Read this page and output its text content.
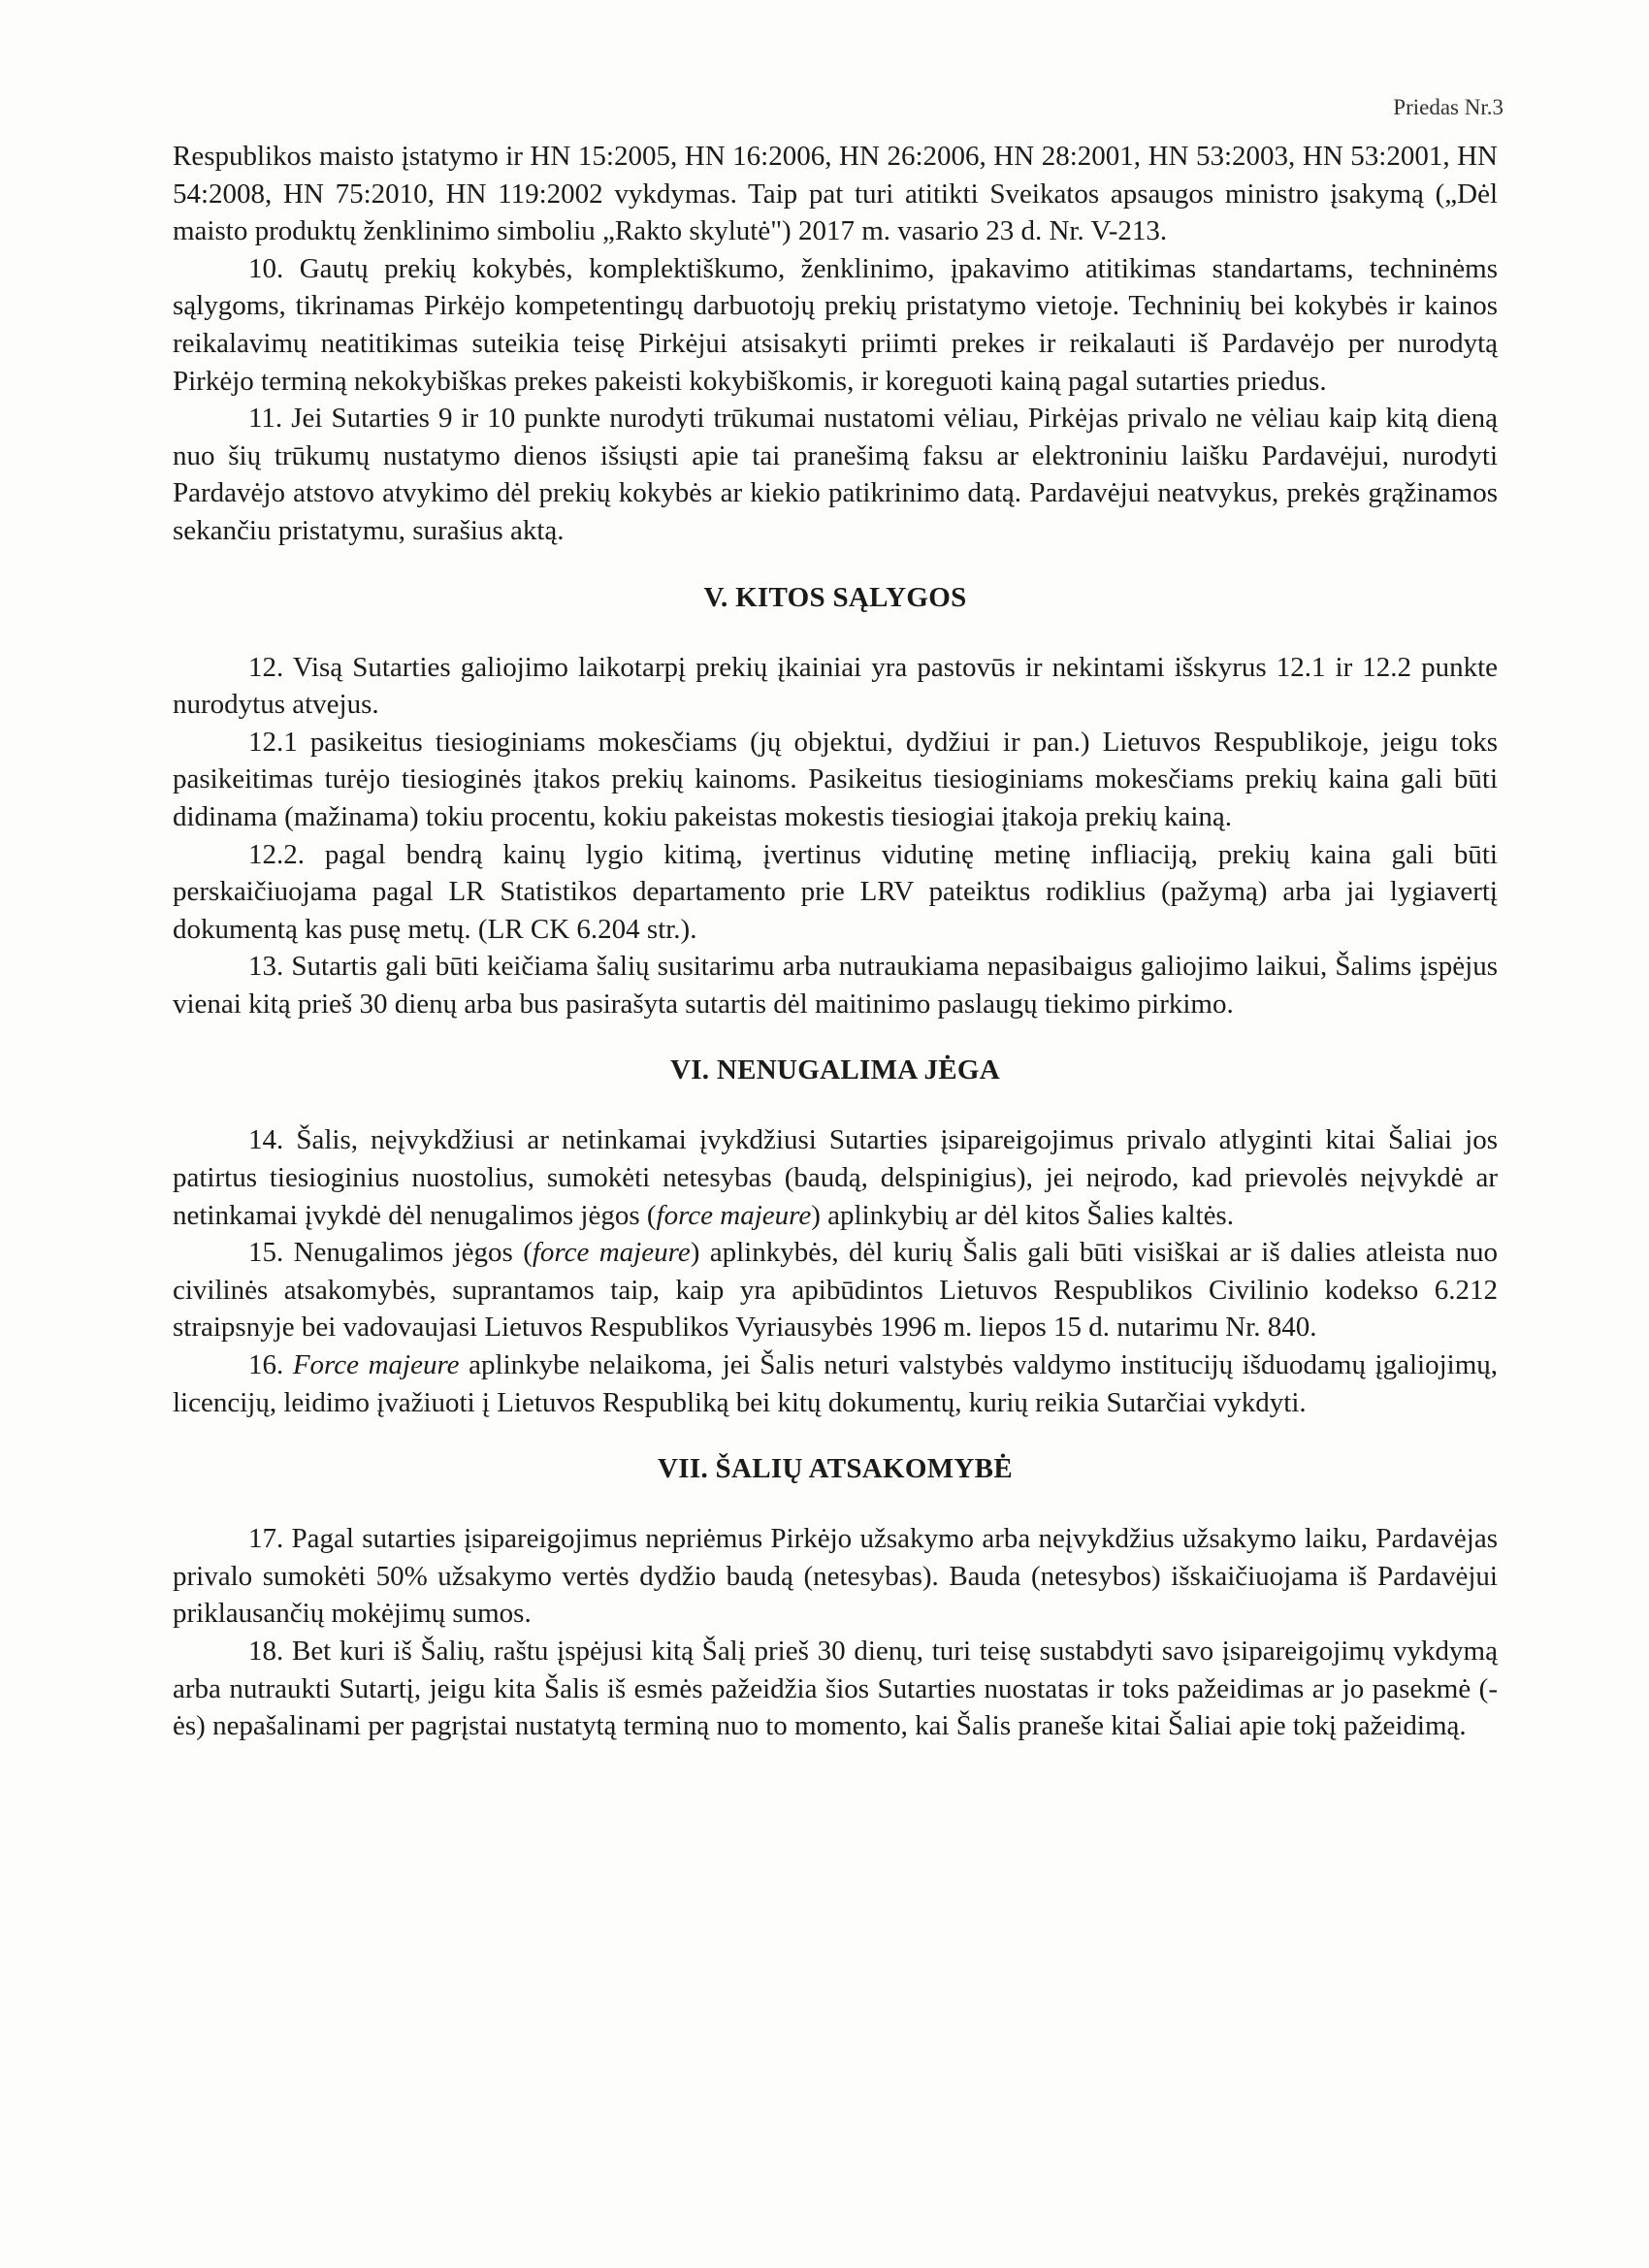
Priedas Nr.3

Respublikos maisto įstatymo ir HN 15:2005, HN 16:2006, HN 26:2006, HN 28:2001, HN 53:2003, HN 53:2001, HN 54:2008, HN 75:2010, HN 119:2002 vykdymas. Taip pat turi atitikti Sveikatos apsaugos ministro įsakymą („Dėl maisto produktų ženklinimo simboliu „Rakto skylutė") 2017 m. vasario 23 d. Nr. V-213.

10. Gautų prekių kokybės, komplektiškumo, ženklinimo, įpakavimo atitikimas standartams, techninėms sąlygoms, tikrinamas Pirkėjo kompetentingų darbuotojų prekių pristatymo vietoje. Techninių bei kokybės ir kainos reikalavimų neatitikimas suteikia teisę Pirkėjui atsisakyti priimti prekes ir reikalauti iš Pardavėjo per nurodytą Pirkėjo terminą nekokybiškas prekes pakeisti kokybiškomis, ir koreguoti kainą pagal sutarties priedus.

11. Jei Sutarties 9 ir 10 punkte nurodyti trūkumai nustatomi vėliau, Pirkėjas privalo ne vėliau kaip kitą dieną nuo šių trūkumų nustatymo dienos išsiųsti apie tai pranešimą faksu ar elektroniniu laišku Pardavėjui, nurodyti Pardavėjo atstovo atvykimo dėl prekių kokybės ar kiekio patikrinimo datą. Pardavėjui neatvykus, prekės grąžinamos sekančiu pristatymu, surašius aktą.

V. KITOS SĄLYGOS

12. Visą Sutarties galiojimo laikotarpį prekių įkainiai yra pastovūs ir nekintami išskyrus 12.1 ir 12.2 punkte nurodytus atvejus.

12.1 pasikeitus tiesioginiams mokesčiams (jų objektui, dydžiui ir pan.) Lietuvos Respublikoje, jeigu toks pasikeitimas turėjo tiesioginės įtakos prekių kainoms. Pasikeitus tiesioginiams mokesčiams prekių kaina gali būti didinama (mažinama) tokiu procentu, kokiu pakeistas mokestis tiesiogiai įtakoja prekių kainą.

12.2. pagal bendrą kainų lygio kitimą, įvertinus vidutinę metinę infliaciją, prekių kaina gali būti perskaičiuojama pagal LR Statistikos departamento prie LRV pateiktus rodiklius (pažymą) arba jai lygiavertį dokumentą kas pusę metų. (LR CK 6.204 str.).

13. Sutartis gali būti keičiama šalių susitarimu arba nutraukiama nepasibaigus galiojimo laikui, Šalims įspėjus vienai kitą prieš 30 dienų arba bus pasirašyta sutartis dėl maitinimo paslaugų tiekimo pirkimo.

VI. NENUGALIMA JĖGA

14. Šalis, neįvykdžiusi ar netinkamai įvykdžiusi Sutarties įsipareigojimus privalo atlyginti kitai Šaliai jos patirtus tiesioginius nuostolius, sumokėti netesybas (baudą, delspinigius), jei neįrodo, kad prievolės neįvykdė ar netinkamai įvykdė dėl nenugalimos jėgos (force majeure) aplinkybių ar dėl kitos Šalies kaltės.

15. Nenugalimos jėgos (force majeure) aplinkybės, dėl kurių Šalis gali būti visiškai ar iš dalies atleista nuo civilinės atsakomybės, suprantamos taip, kaip yra apibūdintos Lietuvos Respublikos Civilinio kodekso 6.212 straipsnyje bei vadovaujasi Lietuvos Respublikos Vyriausybės 1996 m. liepos 15 d. nutarimu Nr. 840.

16. Force majeure aplinkybe nelaikoma, jei Šalis neturi valstybės valdymo institucijų išduodamų įgaliojimų, licencijų, leidimo įvažiuoti į Lietuvos Respubliką bei kitų dokumentų, kurių reikia Sutarčiai vykdyti.

VII. ŠALIŲ ATSAKOMYBĖ

17. Pagal sutarties įsipareigojimus nepriėmus Pirkėjo užsakymo arba neįvykdžius užsakymo laiku, Pardavėjas privalo sumokėti 50% užsakymo vertės dydžio baudą (netesybas). Bauda (netesybos) išskaičiuojama iš Pardavėjui priklausančių mokėjimų sumos.

18. Bet kuri iš Šalių, raštu įspėjusi kitą Šalį prieš 30 dienų, turi teisę sustabdyti savo įsipareigojimų vykdymą arba nutraukti Sutartį, jeigu kita Šalis iš esmės pažeidžia šios Sutarties nuostatas ir toks pažeidimas ar jo pasekmė (-ės) nepašalinami per pagrįstai nustatytą terminą nuo to momento, kai Šalis praneše kitai Šaliai apie tokį pažeidimą.
